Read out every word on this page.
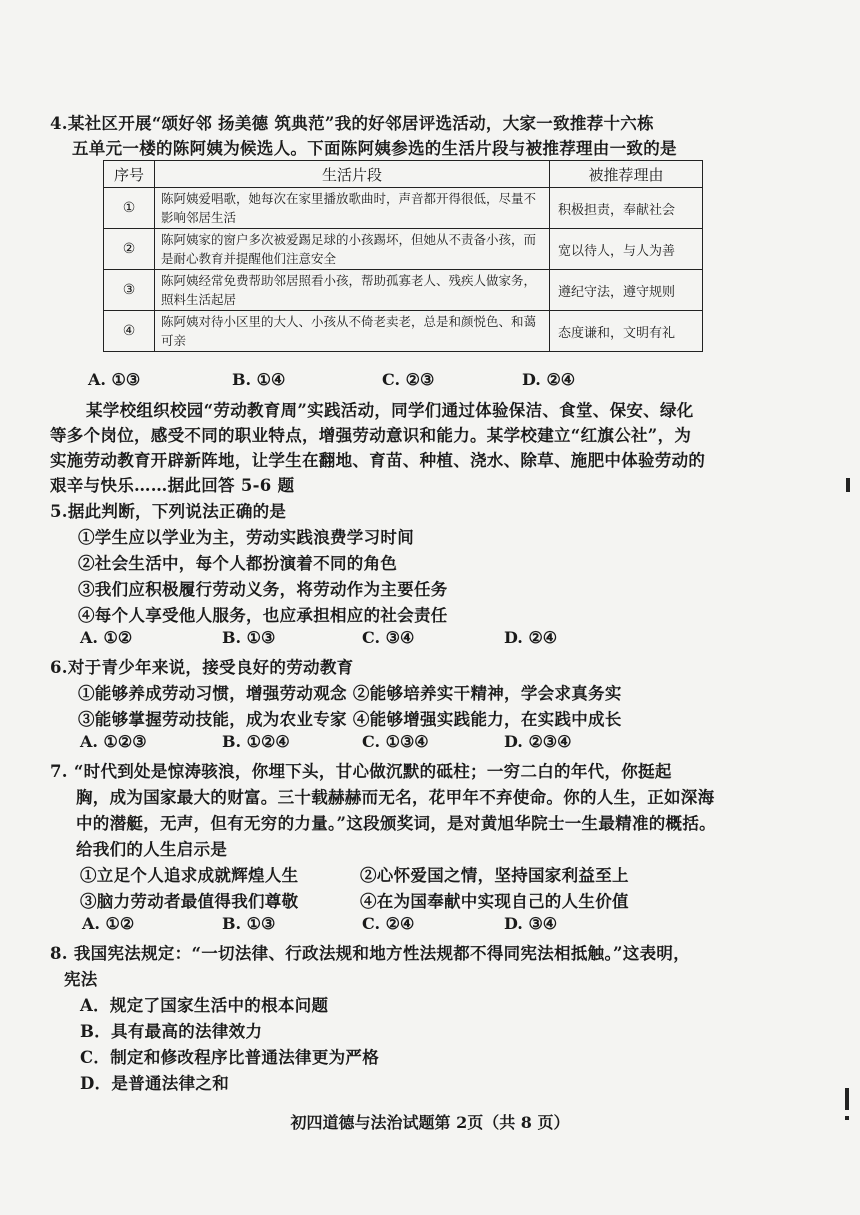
4.某社区开展“颂好邻 扬美德 筑典范”我的好邻居评选活动，大家一致推荐十六栋
五单元一楼的陈阿姨为候选人。下面陈阿姨参选的生活片段与被推荐理由一致的是
序号	生活片段	被推荐理由
①	陈阿姨爱唱歌，她每次在家里播放歌曲时，声音都开得很低，尽量不影响邻居生活	积极担责，奉献社会
②	陈阿姨家的窗户多次被爱踢足球的小孩踢坏，但她从不责备小孩，而是耐心教育并提醒他们注意安全	宽以待人，与人为善
③	陈阿姨经常免费帮助邻居照看小孩，帮助孤寡老人、残疾人做家务，照料生活起居	遵纪守法，遵守规则
④	陈阿姨对待小区里的大人、小孩从不倚老卖老，总是和颜悦色、和蔼可亲	态度谦和，文明有礼
A. ①③	B. ①④	C. ②③	D. ②④
某学校组织校园“劳动教育周”实践活动，同学们通过体验保洁、食堂、保安、绿化
等多个岗位，感受不同的职业特点，增强劳动意识和能力。某学校建立“红旗公社”，为
实施劳动教育开辟新阵地，让学生在翻地、育苗、种植、浇水、除草、施肥中体验劳动的
艰辛与快乐……据此回答 5-6 题
5.据此判断，下列说法正确的是
①学生应以学业为主，劳动实践浪费学习时间
②社会生活中，每个人都扮演着不同的角色
③我们应积极履行劳动义务，将劳动作为主要任务
④每个人享受他人服务，也应承担相应的社会责任
A. ①②	B. ①③	C. ③④	D. ②④
6.对于青少年来说，接受良好的劳动教育
①能够养成劳动习惯，增强劳动观念 ②能够培养实干精神，学会求真务实
③能够掌握劳动技能，成为农业专家 ④能够增强实践能力，在实践中成长
A. ①②③	B. ①②④	C. ①③④	D. ②③④
7. “时代到处是惊涛骇浪，你埋下头，甘心做沉默的砥柱；一穷二白的年代，你挺起
胸，成为国家最大的财富。三十载赫赫而无名，花甲年不弃使命。你的人生，正如深海
中的潜艇，无声，但有无穷的力量。”这段颁奖词，是对黄旭华院士一生最精准的概括。
给我们的人生启示是
①立足个人追求成就辉煌人生	②心怀爱国之情，坚持国家利益至上
③脑力劳动者最值得我们尊敬	④在为国奉献中实现自己的人生价值
A. ①②	B. ①③	C. ②④	D. ③④
8. 我国宪法规定：“一切法律、行政法规和地方性法规都不得同宪法相抵触。”这表明，
宪法
A．规定了国家生活中的根本问题
B．具有最高的法律效力
C．制定和修改程序比普通法律更为严格
D．是普通法律之和
初四道德与法治试题第 2页（共 8 页）
